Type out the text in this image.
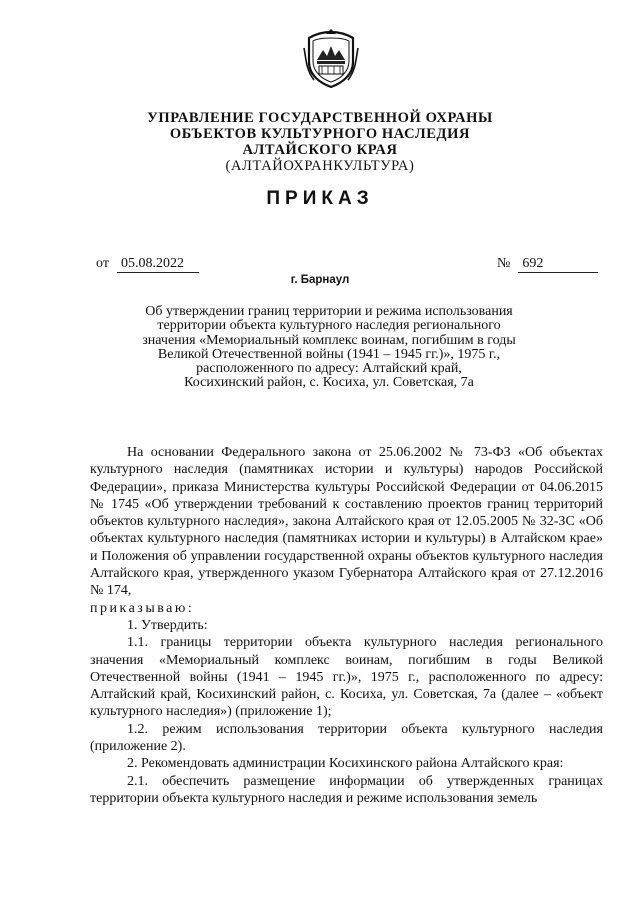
УПРАВЛЕНИЕ ГОСУДАРСТВЕННОЙ ОХРАНЫ
ОБЪЕКТОВ КУЛЬТУРНОГО НАСЛЕДИЯ
АЛТАЙСКОГО КРАЯ
(АЛТАЙОХРАНКУЛЬТУРА)
ПРИКАЗ
от 05.08.2022	№ 692
г. Барнаул
Об утверждении границ территории и режима использования
территории объекта культурного наследия регионального
значения «Мемориальный комплекс воинам, погибшим в годы
Великой Отечественной войны (1941 – 1945 гг.)», 1975 г.,
расположенного по адресу: Алтайский край,
Косихинский район, с. Косиха, ул. Советская, 7а

На основании Федерального закона от 25.06.2002 № 73-ФЗ «Об объектах культурного наследия (памятниках истории и культуры) народов Российской Федерации», приказа Министерства культуры Российской Федерации от 04.06.2015 № 1745 «Об утверждении требований к составлению проектов границ территорий объектов культурного наследия», закона Алтайского края от 12.05.2005 № 32-ЗС «Об объектах культурного наследия (памятниках истории и культуры) в Алтайском крае» и Положения об управлении государственной охраны объектов культурного наследия Алтайского края, утвержденного указом Губернатора Алтайского края от 27.12.2016 № 174,

приказываю:

1. Утвердить:

1.1. границы территории объекта культурного наследия регионального значения «Мемориальный комплекс воинам, погибшим в годы Великой Отечественной войны (1941 – 1945 гг.)», 1975 г., расположенного по адресу: Алтайский край, Косихинский район, с. Косиха, ул. Советская, 7а (далее – «объект культурного наследия») (приложение 1);

1.2. режим использования территории объекта культурного наследия (приложение 2).

2. Рекомендовать администрации Косихинского района Алтайского края:

2.1. обеспечить размещение информации об утвержденных границах территории объекта культурного наследия и режиме использования земель
